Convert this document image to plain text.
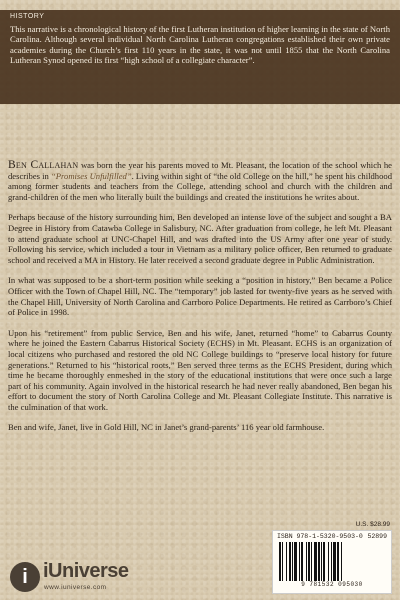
HISTORY

This narrative is a chronological history of the first Lutheran institution of higher learning in the state of North Carolina. Although several individual North Carolina Lutheran congregations established their own private academies during the Church’s first 110 years in the state, it was not until 1855 that the North Carolina Lutheran Synod opened its first “high school of a collegiate character”.

Ben Callahan was born the year his parents moved to Mt. Pleasant, the location of the school which he describes in “Promises Unfulfilled”. Living within sight of “the old College on the hill,” he spent his childhood among former students and teachers from the College, attending school and church with the children and grand-children of the men who literally built the buildings and created the institutions he writes about.

Perhaps because of the history surrounding him, Ben developed an intense love of the subject and sought a BA Degree in History from Catawba College in Salisbury, NC. After graduation from college, he left Mt. Pleasant to attend graduate school at UNC-Chapel Hill, and was drafted into the US Army after one year of study. Following his service, which included a tour in Vietnam as a military police officer, Ben returned to graduate school and received a MA in History. He later received a second graduate degree in Public Administration.

In what was supposed to be a short-term position while seeking a “position in history,” Ben became a Police Officer with the Town of Chapel Hill, NC. The “temporary” job lasted for twenty-five years as he served with the Chapel Hill, University of North Carolina and Carrboro Police Departments. He retired as Carrboro’s Chief of Police in 1998.

Upon his “retirement” from public Service, Ben and his wife, Janet, returned “home” to Cabarrus County where he joined the Eastern Cabarrus Historical Society (ECHS) in Mt. Pleasant. ECHS is an organization of local citizens who purchased and restored the old NC College buildings to “preserve local history for future generations.” Returned to his “historical roots,” Ben served three terms as the ECHS President, during which time he became thoroughly enmeshed in the story of the educational institutions that were once such a large part of his community. Again involved in the historical research he had never really abandoned, Ben began his effort to document the story of North Carolina College and Mt. Pleasant Collegiate Institute. This narrative is the culmination of that work.

Ben and wife, Janet, live in Gold Hill, NC in Janet’s grand-parents’ 116 year old farmhouse.

U.S. $28.99
ISBN 978-1-5320-9503-0 52899
9 781532 095030
i iUniverse
www.iuniverse.com
